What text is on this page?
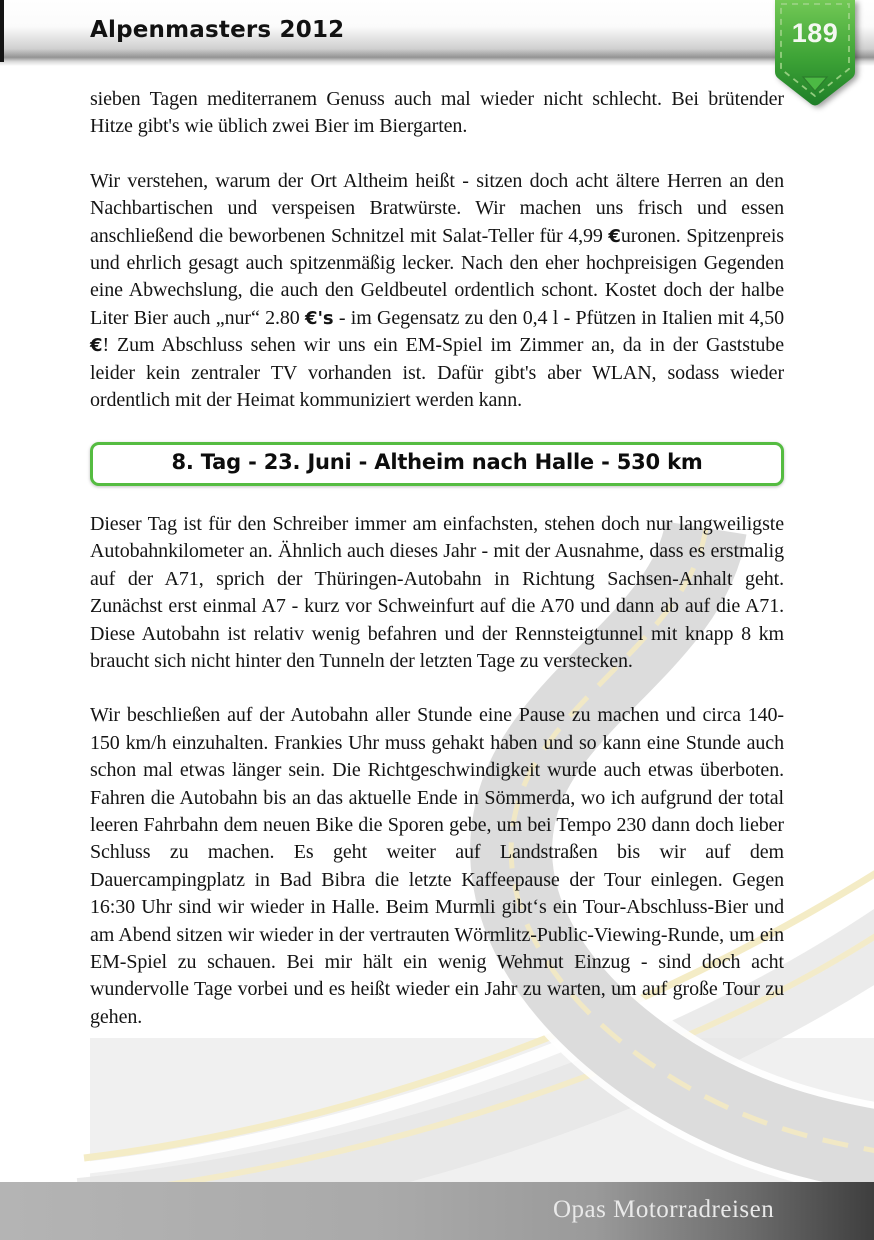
Alpenmasters 2012	189

sieben Tagen mediterranem Genuss auch mal wieder nicht schlecht. Bei brütender Hitze gibt's wie üblich zwei Bier im Biergarten.

Wir verstehen, warum der Ort Altheim heißt - sitzen doch acht ältere Herren an den Nachbartischen und verspeisen Bratwürste. Wir machen uns frisch und essen anschließend die beworbenen Schnitzel mit Salat-Teller für 4,99 €uronen. Spitzenpreis und ehrlich gesagt auch spitzenmäßig lecker. Nach den eher hochpreisigen Gegenden eine Abwechslung, die auch den Geldbeutel ordentlich schont. Kostet doch der halbe Liter Bier auch „nur“ 2.80 €'s - im Gegensatz zu den 0,4 l - Pfützen in Italien mit 4,50 €! Zum Abschluss sehen wir uns ein EM-Spiel im Zimmer an, da in der Gaststube leider kein zentraler TV vorhanden ist. Dafür gibt's aber WLAN, sodass wieder ordentlich mit der Heimat kommuniziert werden kann.

8. Tag - 23. Juni - Altheim nach Halle - 530 km

Dieser Tag ist für den Schreiber immer am einfachsten, stehen doch nur langweiligste Autobahnkilometer an. Ähnlich auch dieses Jahr - mit der Ausnahme, dass es erstmalig auf der A71, sprich der Thüringen-Autobahn in Richtung Sachsen-Anhalt geht. Zunächst erst einmal A7 - kurz vor Schweinfurt auf die A70 und dann ab auf die A71. Diese Autobahn ist relativ wenig befahren und der Rennsteigtunnel mit knapp 8 km braucht sich nicht hinter den Tunneln der letzten Tage zu verstecken.

Wir beschließen auf der Autobahn aller Stunde eine Pause zu machen und circa 140-150 km/h einzuhalten. Frankies Uhr muss gehakt haben und so kann eine Stunde auch schon mal etwas länger sein. Die Richtgeschwindigkeit wurde auch etwas überboten. Fahren die Autobahn bis an das aktuelle Ende in Sömmerda, wo ich aufgrund der total leeren Fahrbahn dem neuen Bike die Sporen gebe, um bei Tempo 230 dann doch lieber Schluss zu machen. Es geht weiter auf Landstraßen bis wir auf dem Dauercampingplatz in Bad Bibra die letzte Kaffeepause der Tour einlegen. Gegen 16:30 Uhr sind wir wieder in Halle. Beim Murmli gibt‘s ein Tour-Abschluss-Bier und am Abend sitzen wir wieder in der vertrauten Wörmlitz-Public-Viewing-Runde, um ein EM-Spiel zu schauen. Bei mir hält ein wenig Wehmut Einzug - sind doch acht wundervolle Tage vorbei und es heißt wieder ein Jahr zu warten, um auf große Tour zu gehen.

Opas Motorradreisen
